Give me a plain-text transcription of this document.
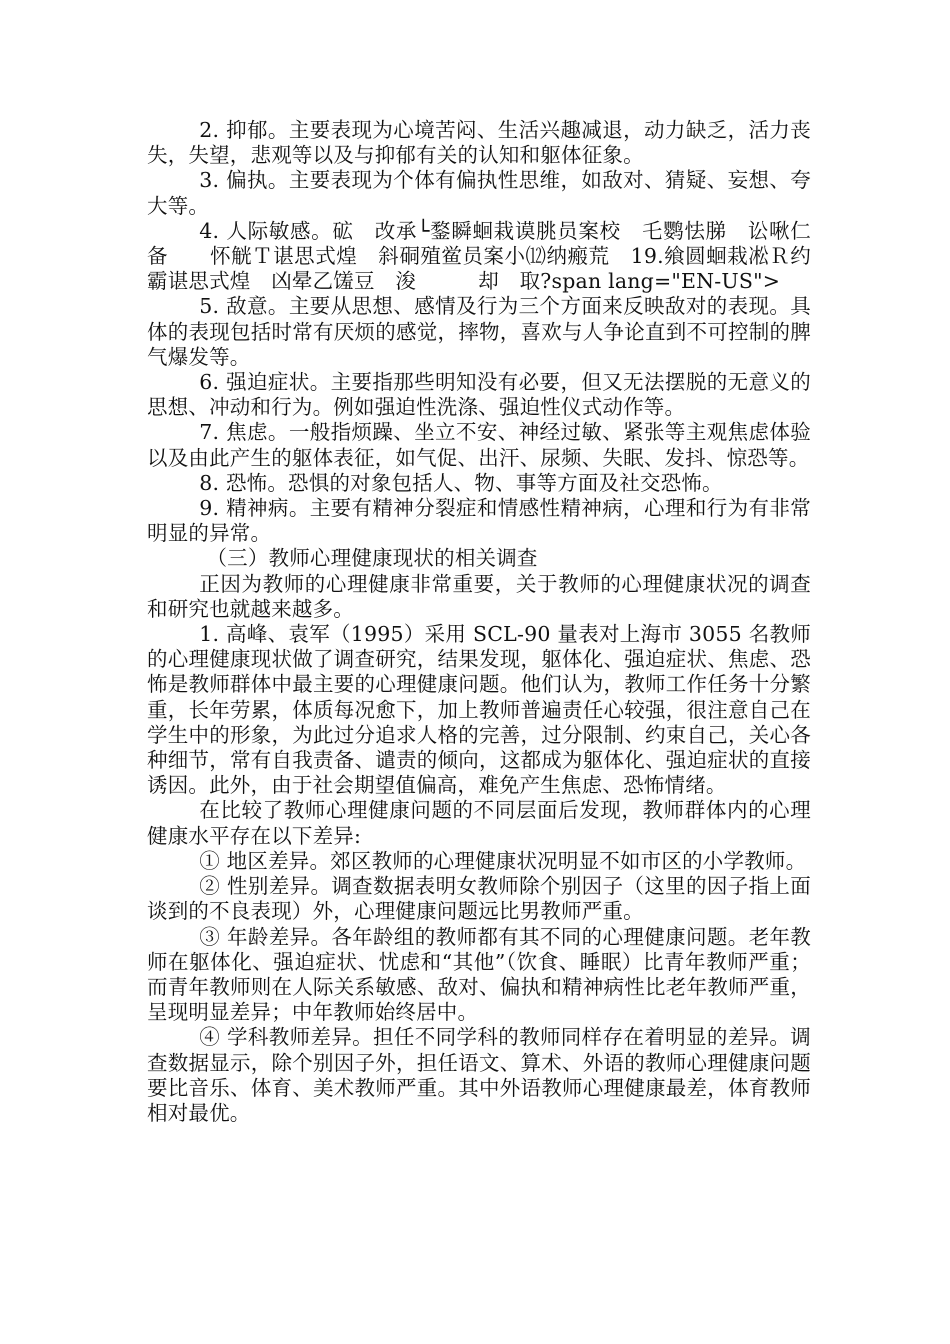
2. 抑郁。主要表现为心境苦闷、生活兴趣减退，动力缺乏，活力丧失，失望，悲观等以及与抑郁有关的认知和躯体征象。

3. 偏执。主要表现为个体有偏执性思维，如敌对、猜疑、妄想、夸大等。

4. 人际敏感。砿　改承└鍪瞬蛔栽谟朓员案校　乇鹦怯䏲　讼啾仁备　　怀觥Ｔ谌思式煌　斜硐殖鲎员案小⑿纳瘢荒　19.飨圆蛔栽凇Ｒ约霸谌思式煌　凶晕乙馐豆　浚　　　却　取?span lang="EN-US">

5. 敌意。主要从思想、感情及行为三个方面来反映敌对的表现。具体的表现包括时常有厌烦的感觉，摔物，喜欢与人争论直到不可控制的脾气爆发等。

6. 强迫症状。主要指那些明知没有必要，但又无法摆脱的无意义的思想、冲动和行为。例如强迫性洗涤、强迫性仪式动作等。

7. 焦虑。一般指烦躁、坐立不安、神经过敏、紧张等主观焦虑体验以及由此产生的躯体表征，如气促、出汗、尿频、失眠、发抖、惊恐等。

8. 恐怖。恐惧的对象包括人、物、事等方面及社交恐怖。

9. 精神病。主要有精神分裂症和情感性精神病，心理和行为有非常明显的异常。

（三）教师心理健康现状的相关调查

正因为教师的心理健康非常重要，关于教师的心理健康状况的调查和研究也就越来越多。

1. 高峰、袁军（1995）采用 SCL-90 量表对上海市 3055 名教师的心理健康现状做了调查研究，结果发现，躯体化、强迫症状、焦虑、恐怖是教师群体中最主要的心理健康问题。他们认为，教师工作任务十分繁重，长年劳累，体质每况愈下，加上教师普遍责任心较强，很注意自己在学生中的形象，为此过分追求人格的完善，过分限制、约束自己，关心各种细节，常有自我责备、谴责的倾向，这都成为躯体化、强迫症状的直接诱因。此外，由于社会期望值偏高，难免产生焦虑、恐怖情绪。

在比较了教师心理健康问题的不同层面后发现，教师群体内的心理健康水平存在以下差异:

① 地区差异。郊区教师的心理健康状况明显不如市区的小学教师。

② 性别差异。调查数据表明女教师除个别因子（这里的因子指上面谈到的不良表现）外，心理健康问题远比男教师严重。

③ 年龄差异。各年龄组的教师都有其不同的心理健康问题。老年教师在躯体化、强迫症状、忧虑和“其他”（饮食、睡眠）比青年教师严重；而青年教师则在人际关系敏感、敌对、偏执和精神病性比老年教师严重，呈现明显差异；中年教师始终居中。

④ 学科教师差异。担任不同学科的教师同样存在着明显的差异。调查数据显示，除个别因子外，担任语文、算术、外语的教师心理健康问题要比音乐、体育、美术教师严重。其中外语教师心理健康最差，体育教师相对最优。
